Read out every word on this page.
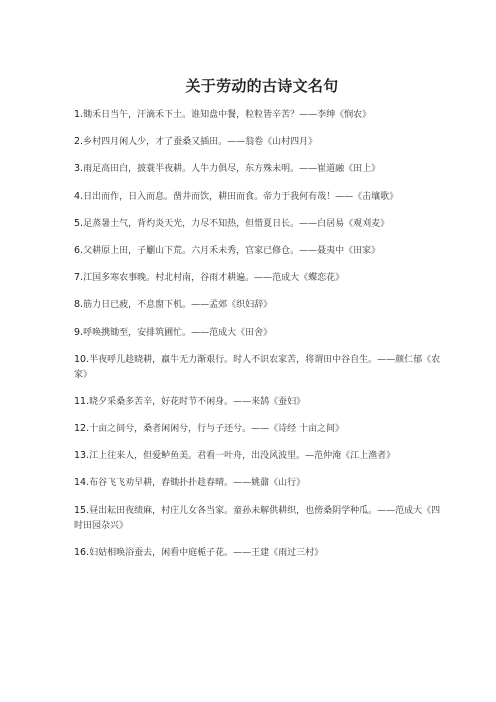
关于劳动的古诗文名句
1.锄禾日当午，汗滴禾下土。谁知盘中餐，粒粒皆辛苦？——李绅《悯农》
2.乡村四月闲人少，才了蚕桑又插田。——翁卷《山村四月》
3.雨足高田白，披蓑半夜耕。人牛力俱尽，东方殊未明。——崔道融《田上》
4.日出而作，日入而息。凿井而饮，耕田而食。帝力于我何有哉！——《击壤歌》
5.足蒸暑土气，背灼炎天光，力尽不知热，但惜夏日长。——白居易《观刈麦》
6.父耕原上田，子劚山下荒。六月禾未秀，官家已修仓。——聂夷中《田家》
7.江国多寒农事晚。村北村南，谷雨才耕遍。——范成大《蝶恋花》
8.筋力日已疲，不息窗下机。——孟郊《织妇辞》
9.呼唤携锄至，安排筑圃忙。——范成大《田舍》
10.半夜呼儿趁晓耕，羸牛无力渐艰行。时人不识农家苦，将谓田中谷自生。——颜仁郁《农家》
11.晓夕采桑多苦辛，好花时节不闲身。——来鹄《蚕妇》
12.十亩之间兮，桑者闲闲兮，行与子还兮。——《诗经 十亩之间》
13.江上往来人，但爱鲈鱼美。君看一叶舟，出没风波里。—范仲淹《江上渔者》
14.布谷飞飞劝早耕，舂锄扑扑趁春晴。——姚鼐《山行》
15.昼出耘田夜绩麻，村庄儿女各当家。童孙未解供耕织，也傍桑阴学种瓜。——范成大《四时田园杂兴》
16.妇姑相唤浴蚕去，闲看中庭栀子花。——王建《雨过三村》
